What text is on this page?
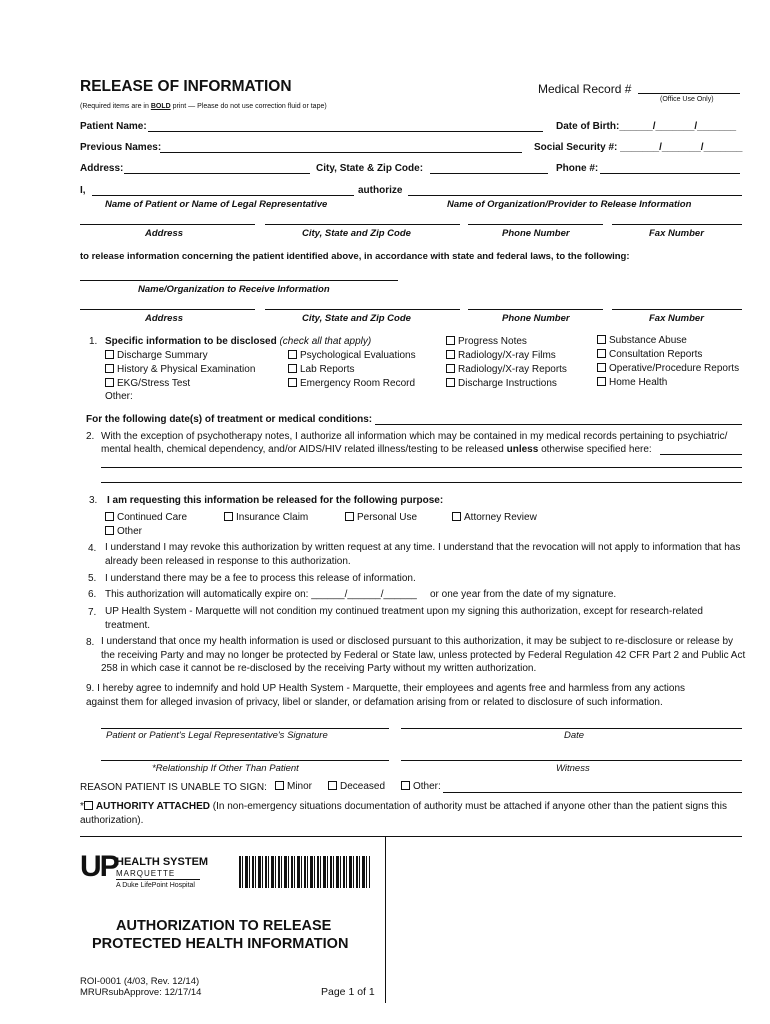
RELEASE OF INFORMATION	Medical Record #
(Office Use Only)
(Required items are in BOLD print — Please do not use correction fluid or tape)
Patient Name:	Date of Birth:______/_______/_______
Previous Names:	Social Security #: _______/_______/_______
Address:	City, State & Zip Code:	Phone #:
I,	authorize
Name of Patient or Name of Legal Representative	Name of Organization/Provider to Release Information
Address	City, State and Zip Code	Phone Number	Fax Number
to release information concerning the patient identified above, in accordance with state and federal laws, to the following:
Name/Organization to Receive Information
Address	City, State and Zip Code	Phone Number	Fax Number
1. Specific information to be disclosed (check all that apply)
Discharge Summary
History & Physical Examination
EKG/Stress Test
Other:
Psychological Evaluations
Lab Reports
Emergency Room Record
Progress Notes
Radiology/X-ray Films
Radiology/X-ray Reports
Discharge Instructions
Substance Abuse
Consultation Reports
Operative/Procedure Reports
Home Health
For the following date(s) of treatment or medical conditions:
2. With the exception of psychotherapy notes, I authorize all information which may be contained in my medical records pertaining to psychiatric/
mental health, chemical dependency, and/or AIDS/HIV related illness/testing to be released unless otherwise specified here:
3. I am requesting this information be released for the following purpose:
Continued Care	Insurance Claim	Personal Use	Attorney Review
Other
4. I understand I may revoke this authorization by written request at any time. I understand that the revocation will not apply to information that has already been released in response to this authorization.
5. I understand there may be a fee to process this release of information.
6. This authorization will automatically expire on: ______/______/______ or one year from the date of my signature.
7. UP Health System - Marquette will not condition my continued treatment upon my signing this authorization, except for research-related treatment.
8. I understand that once my health information is used or disclosed pursuant to this authorization, it may be subject to re-disclosure or release by the receiving Party and may no longer be protected by Federal or State law, unless protected by Federal Regulation 42 CFR Part 2 and Public Act 258 in which case it cannot be re-disclosed by the receiving Party without my written authorization.
9. I hereby agree to indemnify and hold UP Health System - Marquette, their employees and agents free and harmless from any actions against them for alleged invasion of privacy, libel or slander, or defamation arising from or related to disclosure of such information.
Patient or Patient's Legal Representative's Signature	Date
*Relationship If Other Than Patient	Witness
REASON PATIENT IS UNABLE TO SIGN:	Minor	Deceased	Other:
* AUTHORITY ATTACHED (In non-emergency situations documentation of authority must be attached if anyone other than the patient signs this authorization).
UP
HEALTH SYSTEM
MARQUETTE
A Duke LifePoint Hospital
AUTHORIZATION TO RELEASE
PROTECTED HEALTH INFORMATION
ROI-0001 (4/03, Rev. 12/14)
MRURsubApprove: 12/17/14	Page 1 of 1
